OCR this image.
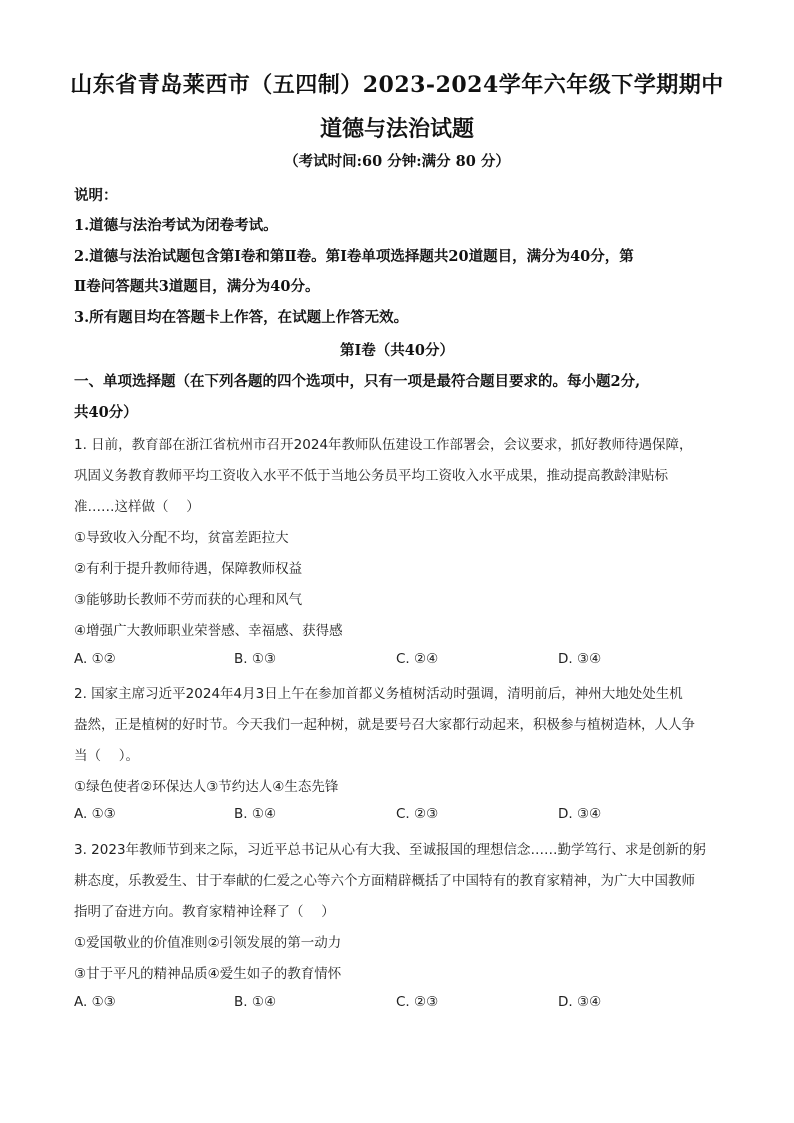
山东省青岛莱西市（五四制）2023-2024学年六年级下学期期中
道德与法治试题
（考试时间:60 分钟:满分 80 分）
说明：
1.道德与法治考试为闭卷考试。
2.道德与法治试题包含第Ⅰ卷和第Ⅱ卷。第Ⅰ卷单项选择题共20道题目，满分为40分，第
Ⅱ卷问答题共3道题目，满分为40分。
3.所有题目均在答题卡上作答，在试题上作答无效。
第Ⅰ卷（共40分）
一、单项选择题（在下列各题的四个选项中，只有一项是最符合题目要求的。每小题2分,
共40分）
1. 日前，教育部在浙江省杭州市召开2024年教师队伍建设工作部署会，会议要求，抓好教师待遇保障，
巩固义务教育教师平均工资收入水平不低于当地公务员平均工资收入水平成果，推动提高教龄津贴标
准……这样做（　 ）
①导致收入分配不均，贫富差距拉大
②有利于提升教师待遇，保障教师权益
③能够助长教师不劳而获的心理和风气
④增强广大教师职业荣誉感、幸福感、获得感
A. ①②	B. ①③	C. ②④	D. ③④
2. 国家主席习近平2024年4月3日上午在参加首都义务植树活动时强调，清明前后，神州大地处处生机
盎然，正是植树的好时节。今天我们一起种树，就是要号召大家都行动起来，积极参与植树造林，人人争
当（　 ）。
①绿色使者②环保达人③节约达人④生态先锋
A. ①③	B. ①④	C. ②③	D. ③④
3. 2023年教师节到来之际，习近平总书记从心有大我、至诚报国的理想信念……勤学笃行、求是创新的躬
耕态度，乐教爱生、甘于奉献的仁爱之心等六个方面精辟概括了中国特有的教育家精神，为广大中国教师
指明了奋进方向。教育家精神诠释了（　 ）
①爱国敬业的价值准则②引领发展的第一动力
③甘于平凡的精神品质④爱生如子的教育情怀
A. ①③	B. ①④	C. ②③	D. ③④
